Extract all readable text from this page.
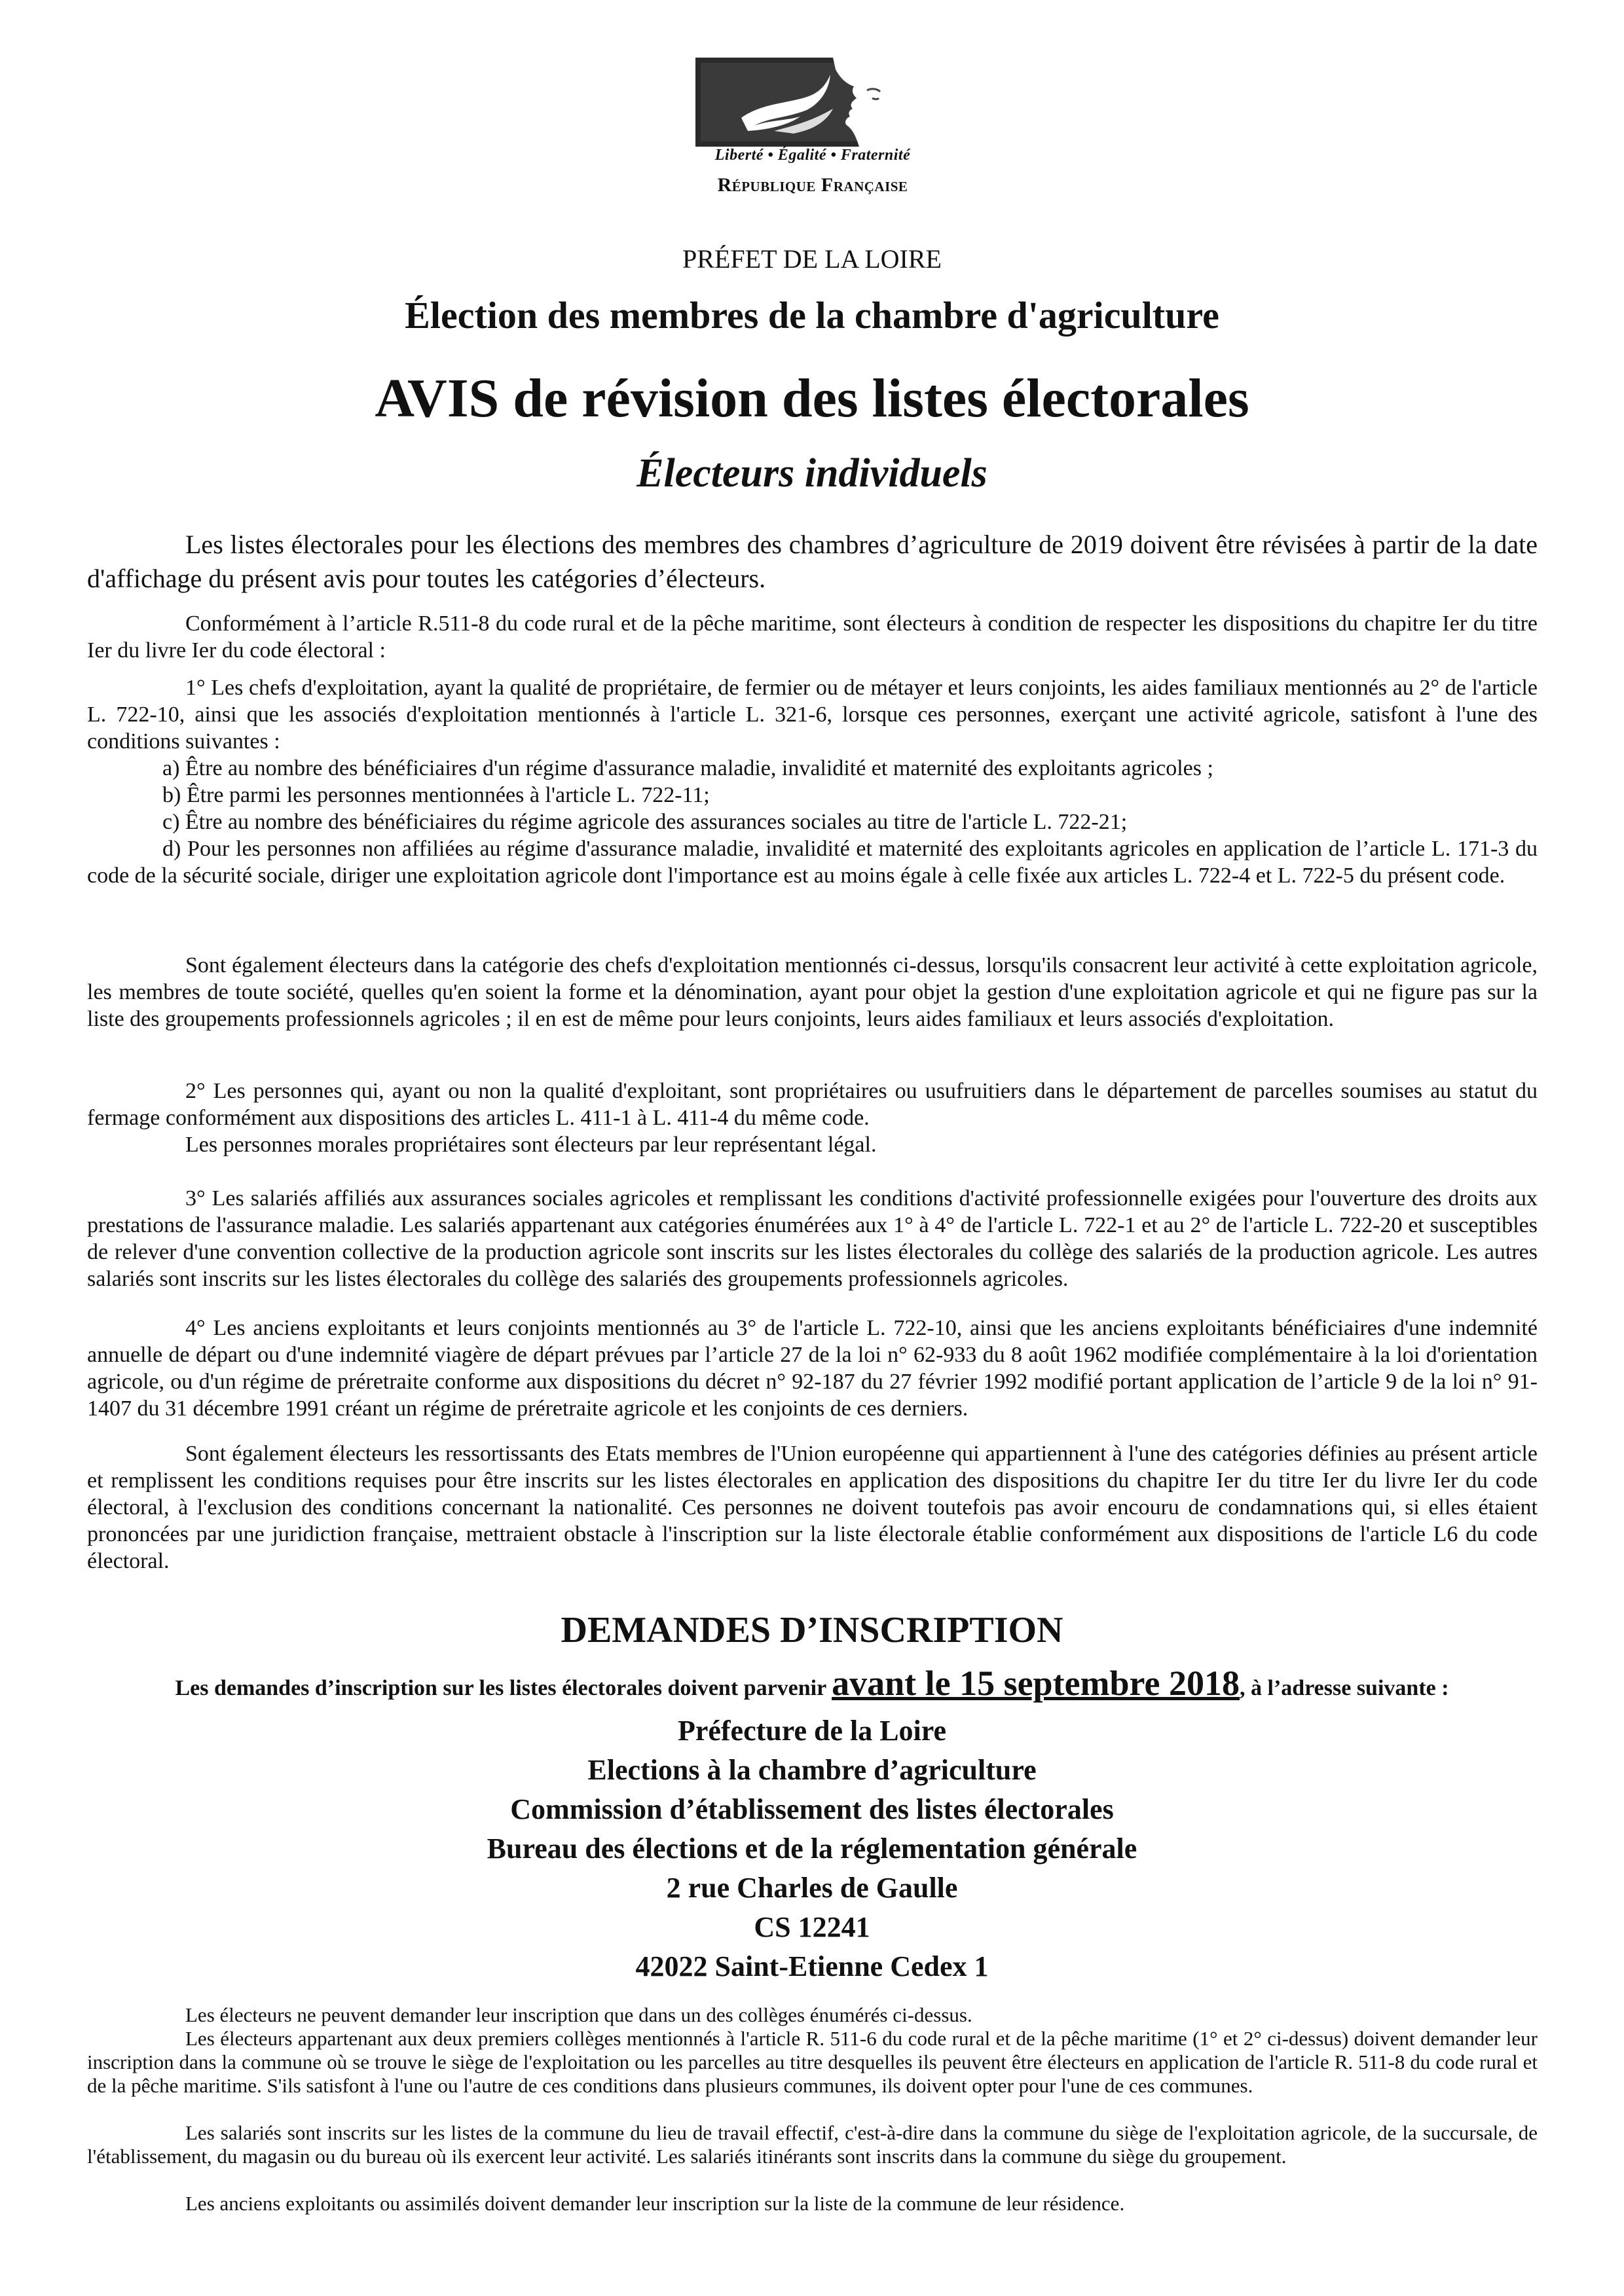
Liberté • Égalité • Fraternité
République Française
PRÉFET DE LA LOIRE
Élection des membres de la chambre d'agriculture
AVIS de révision des listes électorales
Électeurs individuels

Les listes électorales pour les élections des membres des chambres d’agriculture de 2019 doivent être révisées à partir de la date d'affichage du présent avis pour toutes les catégories d’électeurs.

Conformément à l’article R.511-8 du code rural et de la pêche maritime, sont électeurs à condition de respecter les dispositions du chapitre Ier du titre Ier du livre Ier du code électoral :

1° Les chefs d'exploitation, ayant la qualité de propriétaire, de fermier ou de métayer et leurs conjoints, les aides familiaux mentionnés au 2° de l'article L. 722-10, ainsi que les associés d'exploitation mentionnés à l'article L. 321-6, lorsque ces personnes, exerçant une activité agricole, satisfont à l'une des conditions suivantes :

a) Être au nombre des bénéficiaires d'un régime d'assurance maladie, invalidité et maternité des exploitants agricoles ;

b) Être parmi les personnes mentionnées à l'article L. 722-11;

c) Être au nombre des bénéficiaires du régime agricole des assurances sociales au titre de l'article L. 722-21;

d) Pour les personnes non affiliées au régime d'assurance maladie, invalidité et maternité des exploitants agricoles en application de l’article L. 171-3 du code de la sécurité sociale, diriger une exploitation agricole dont l'importance est au moins égale à celle fixée aux articles L. 722-4 et L. 722-5 du présent code.

Sont également électeurs dans la catégorie des chefs d'exploitation mentionnés ci-dessus, lorsqu'ils consacrent leur activité à cette exploitation agricole, les membres de toute société, quelles qu'en soient la forme et la dénomination, ayant pour objet la gestion d'une exploitation agricole et qui ne figure pas sur la liste des groupements professionnels agricoles ; il en est de même pour leurs conjoints, leurs aides familiaux et leurs associés d'exploitation.

2° Les personnes qui, ayant ou non la qualité d'exploitant, sont propriétaires ou usufruitiers dans le département de parcelles soumises au statut du fermage conformément aux dispositions des articles L. 411-1 à L. 411-4 du même code.

Les personnes morales propriétaires sont électeurs par leur représentant légal.

3° Les salariés affiliés aux assurances sociales agricoles et remplissant les conditions d'activité professionnelle exigées pour l'ouverture des droits aux prestations de l'assurance maladie. Les salariés appartenant aux catégories énumérées aux 1° à 4° de l'article L. 722-1 et au 2° de l'article L. 722-20 et susceptibles de relever d'une convention collective de la production agricole sont inscrits sur les listes électorales du collège des salariés de la production agricole. Les autres salariés sont inscrits sur les listes électorales du collège des salariés des groupements professionnels agricoles.

4° Les anciens exploitants et leurs conjoints mentionnés au 3° de l'article L. 722-10, ainsi que les anciens exploitants bénéficiaires d'une indemnité annuelle de départ ou d'une indemnité viagère de départ prévues par l’article 27 de la loi n° 62-933 du 8 août 1962 modifiée complémentaire à la loi d'orientation agricole, ou d'un régime de préretraite conforme aux dispositions du décret n° 92-187 du 27 février 1992 modifié portant application de l’article 9 de la loi n° 91-1407 du 31 décembre 1991 créant un régime de préretraite agricole et les conjoints de ces derniers.

Sont également électeurs les ressortissants des Etats membres de l'Union européenne qui appartiennent à l'une des catégories définies au présent article et remplissent les conditions requises pour être inscrits sur les listes électorales en application des dispositions du chapitre Ier du titre Ier du livre Ier du code électoral, à l'exclusion des conditions concernant la nationalité. Ces personnes ne doivent toutefois pas avoir encouru de condamnations qui, si elles étaient prononcées par une juridiction française, mettraient obstacle à l'inscription sur la liste électorale établie conformément aux dispositions de l'article L6 du code électoral.

DEMANDES D’INSCRIPTION
Les demandes d’inscription sur les listes électorales doivent parvenir avant le 15 septembre 2018, à l’adresse suivante :
Préfecture de la Loire
Elections à la chambre d’agriculture
Commission d’établissement des listes électorales
Bureau des élections et de la réglementation générale
2 rue Charles de Gaulle
CS 12241
42022 Saint-Etienne Cedex 1

Les électeurs ne peuvent demander leur inscription que dans un des collèges énumérés ci-dessus.

Les électeurs appartenant aux deux premiers collèges mentionnés à l'article R. 511-6 du code rural et de la pêche maritime (1° et 2° ci-dessus) doivent demander leur inscription dans la commune où se trouve le siège de l'exploitation ou les parcelles au titre desquelles ils peuvent être électeurs en application de l'article R. 511-8 du code rural et de la pêche maritime. S'ils satisfont à l'une ou l'autre de ces conditions dans plusieurs communes, ils doivent opter pour l'une de ces communes.

Les salariés sont inscrits sur les listes de la commune du lieu de travail effectif, c'est-à-dire dans la commune du siège de l'exploitation agricole, de la succursale, de l'établissement, du magasin ou du bureau où ils exercent leur activité. Les salariés itinérants sont inscrits dans la commune du siège du groupement.

Les anciens exploitants ou assimilés doivent demander leur inscription sur la liste de la commune de leur résidence.
